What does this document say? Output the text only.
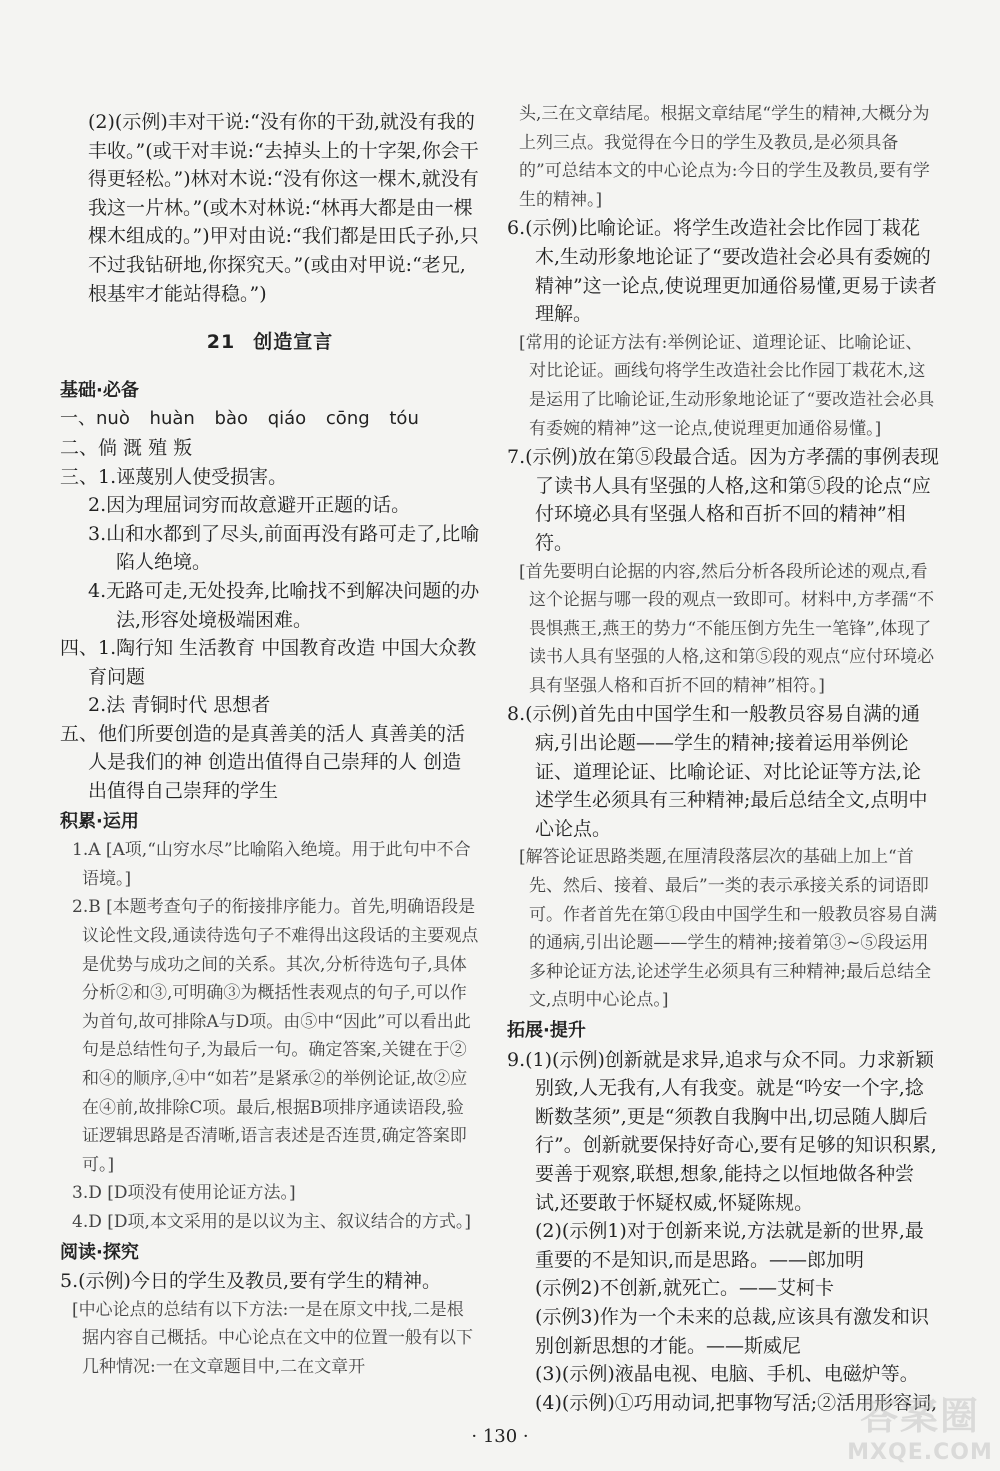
(2)(示例)丰对干说:“没有你的干劲,就没有我的丰收。”(或干对丰说:“去掉头上的十字架,你会干得更轻松。”)林对木说:“没有你这一棵木,就没有我这一片林。”(或木对林说:“林再大都是由一棵棵木组成的。”)甲对由说:“我们都是田氏子孙,只不过我钻研地,你探究天。”(或由对甲说:“老兄,根基牢才能站得稳。”)

21 创造宣言
基础·必备

一、nuò huàn bào qiáo cōng tóu

二、倘 溉 殖 叛

三、1.诬蔑别人使受损害。

2.因为理屈词穷而故意避开正题的话。

3.山和水都到了尽头,前面再没有路可走了,比喻陷人绝境。

4.无路可走,无处投奔,比喻找不到解决问题的办法,形容处境极端困难。

四、1.陶行知 生活教育 中国教育改造 中国大众教育问题

2.法 青铜时代 思想者

五、他们所要创造的是真善美的活人 真善美的活人是我们的神 创造出值得自己崇拜的人 创造出值得自己崇拜的学生

积累·运用

1.A [A项,“山穷水尽”比喻陷入绝境。用于此句中不合语境。]

2.B [本题考查句子的衔接排序能力。首先,明确语段是议论性文段,通读待选句子不难得出这段话的主要观点是优势与成功之间的关系。其次,分析待选句子,具体分析②和③,可明确③为概括性表观点的句子,可以作为首句,故可排除A与D项。由⑤中“因此”可以看出此句是总结性句子,为最后一句。确定答案,关键在于②和④的顺序,④中“如若”是紧承②的举例论证,故②应在④前,故排除C项。最后,根据B项排序通读语段,验证逻辑思路是否清晰,语言表述是否连贯,确定答案即可。]

3.D [D项没有使用论证方法。]

4.D [D项,本文采用的是以议为主、叙议结合的方式。]

阅读·探究

5.(示例)今日的学生及教员,要有学生的精神。

[中心论点的总结有以下方法:一是在原文中找,二是根据内容自己概括。中心论点在文中的位置一般有以下几种情况:一在文章题目中,二在文章开

头,三在文章结尾。根据文章结尾“学生的精神,大概分为上列三点。我觉得在今日的学生及教员,是必须具备的”可总结本文的中心论点为:今日的学生及教员,要有学生的精神。]

6.(示例)比喻论证。将学生改造社会比作园丁栽花木,生动形象地论证了“要改造社会必具有委婉的精神”这一论点,使说理更加通俗易懂,更易于读者理解。

[常用的论证方法有:举例论证、道理论证、比喻论证、对比论证。画线句将学生改造社会比作园丁栽花木,这是运用了比喻论证,生动形象地论证了“要改造社会必具有委婉的精神”这一论点,使说理更加通俗易懂。]

7.(示例)放在第⑤段最合适。因为方孝孺的事例表现了读书人具有坚强的人格,这和第⑤段的论点“应付环境必具有坚强人格和百折不回的精神”相符。

[首先要明白论据的内容,然后分析各段所论述的观点,看这个论据与哪一段的观点一致即可。材料中,方孝孺“不畏惧燕王,燕王的势力“不能压倒方先生一笔锋”,体现了读书人具有坚强的人格,这和第⑤段的观点“应付环境必具有坚强人格和百折不回的精神”相符。]

8.(示例)首先由中国学生和一般教员容易自满的通病,引出论题——学生的精神;接着运用举例论证、道理论证、比喻论证、对比论证等方法,论述学生必须具有三种精神;最后总结全文,点明中心论点。

[解答论证思路类题,在厘清段落层次的基础上加上“首先、然后、接着、最后”一类的表示承接关系的词语即可。作者首先在第①段由中国学生和一般教员容易自满的通病,引出论题——学生的精神;接着第③~⑤段运用多种论证方法,论述学生必须具有三种精神;最后总结全文,点明中心论点。]

拓展·提升

9.(1)(示例)创新就是求异,追求与众不同。力求新颖别致,人无我有,人有我变。就是“吟安一个字,捻断数茎须”,更是“须教自我胸中出,切忌随人脚后行”。创新就要保持好奇心,要有足够的知识积累,要善于观察,联想,想象,能持之以恒地做各种尝试,还要敢于怀疑权威,怀疑陈规。

(2)(示例1)对于创新来说,方法就是新的世界,最重要的不是知识,而是思路。——郎加明

(示例2)不创新,就死亡。——艾柯卡

(示例3)作为一个未来的总裁,应该具有激发和识别创新思想的才能。——斯威尼

(3)(示例)液晶电视、电脑、手机、电磁炉等。

(4)(示例)①巧用动词,把事物写活;②活用形容词,

· 130 ·	答案圈
MXQE.COM
